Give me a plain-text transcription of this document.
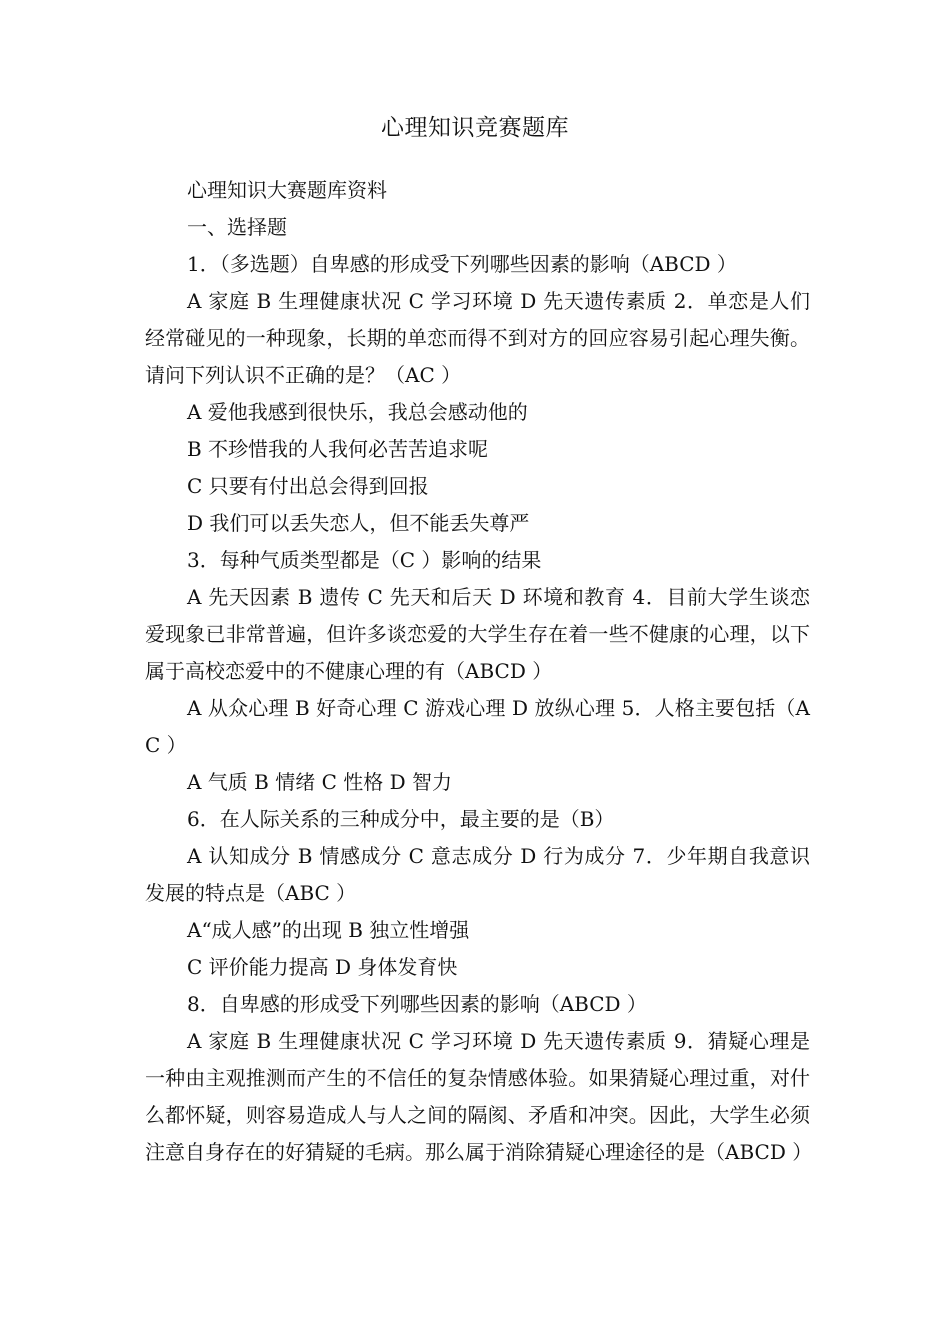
心理知识竞赛题库

心理知识大赛题库资料

一、选择题

1．（多选题）自卑感的形成受下列哪些因素的影响（ABCD ）

A 家庭 B 生理健康状况 C 学习环境 D 先天遗传素质 2．单恋是人们经常碰见的一种现象，长期的单恋而得不到对方的回应容易引起心理失衡。请问下列认识不正确的是？（AC ）

A 爱他我感到很快乐，我总会感动他的

B 不珍惜我的人我何必苦苦追求呢

C 只要有付出总会得到回报

D 我们可以丢失恋人，但不能丢失尊严

3．每种气质类型都是（C ）影响的结果

A 先天因素 B 遗传 C 先天和后天 D 环境和教育 4．目前大学生谈恋爱现象已非常普遍，但许多谈恋爱的大学生存在着一些不健康的心理，以下属于高校恋爱中的不健康心理的有（ABCD ）

A 从众心理 B 好奇心理 C 游戏心理 D 放纵心理 5．人格主要包括（AC ）

A 气质 B 情绪 C 性格 D 智力

6．在人际关系的三种成分中，最主要的是（B）

A 认知成分 B 情感成分 C 意志成分 D 行为成分 7．少年期自我意识发展的特点是（ABC ）

A“成人感”的出现 B 独立性增强

C 评价能力提高 D 身体发育快

8．自卑感的形成受下列哪些因素的影响（ABCD ）

A 家庭 B 生理健康状况 C 学习环境 D 先天遗传素质 9．猜疑心理是一种由主观推测而产生的不信任的复杂情感体验。如果猜疑心理过重，对什么都怀疑，则容易造成人与人之间的隔阂、矛盾和冲突。因此，大学生必须注意自身存在的好猜疑的毛病。那么属于消除猜疑心理途径的是（ABCD ）
